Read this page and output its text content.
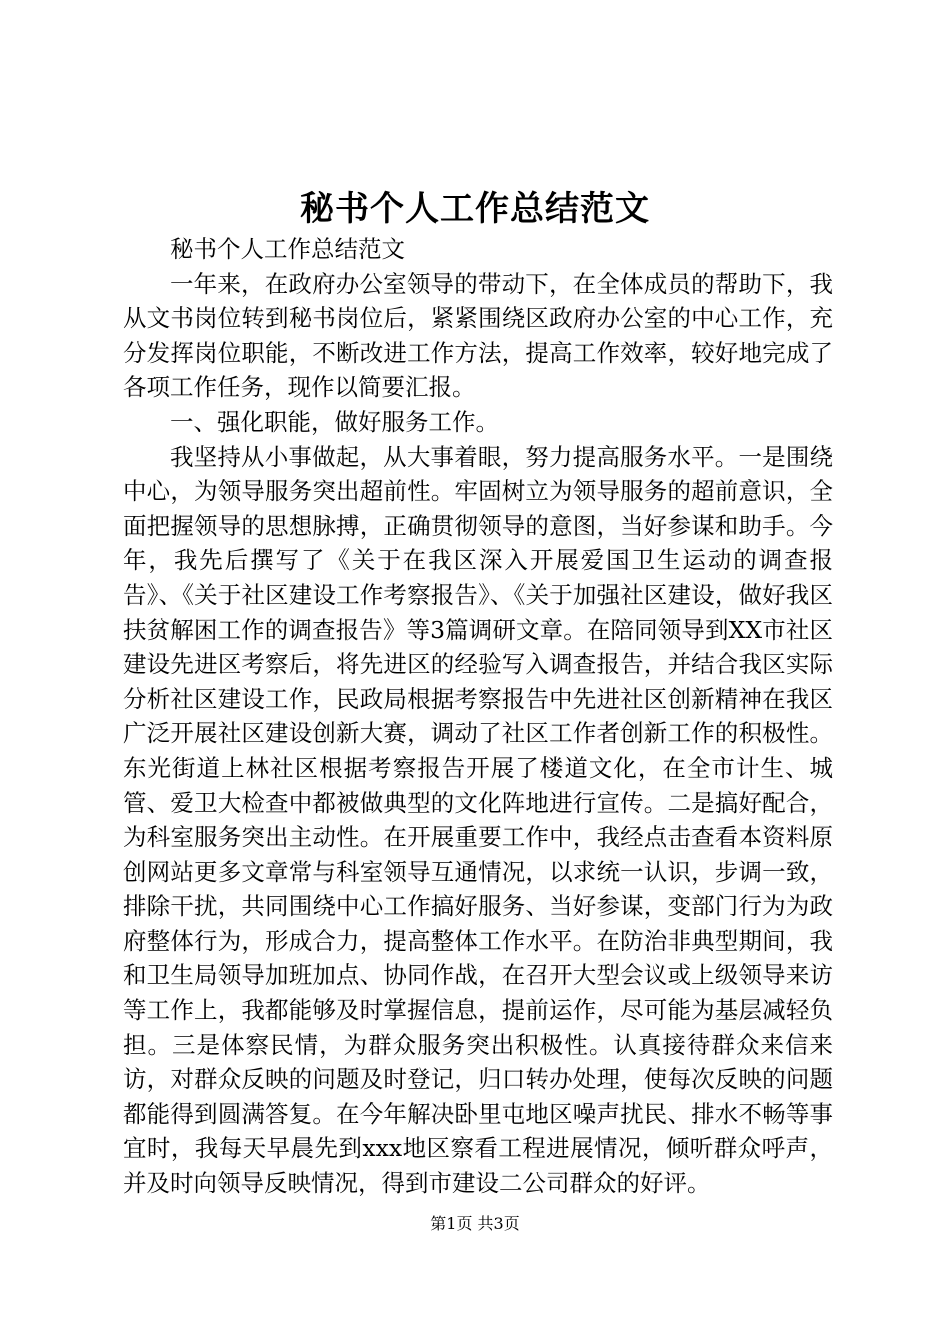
秘书个人工作总结范文

秘书个人工作总结范文

一年来，在政府办公室领导的带动下，在全体成员的帮助下，我从文书岗位转到秘书岗位后，紧紧围绕区政府办公室的中心工作，充分发挥岗位职能，不断改进工作方法，提高工作效率，较好地完成了各项工作任务，现作以简要汇报。

一、强化职能，做好服务工作。

我坚持从小事做起，从大事着眼，努力提高服务水平。一是围绕中心，为领导服务突出超前性。牢固树立为领导服务的超前意识，全面把握领导的思想脉搏，正确贯彻领导的意图，当好参谋和助手。今年，我先后撰写了《关于在我区深入开展爱国卫生运动的调查报告》、《关于社区建设工作考察报告》、《关于加强社区建设，做好我区扶贫解困工作的调查报告》等3篇调研文章。在陪同领导到XX市社区建设先进区考察后，将先进区的经验写入调查报告，并结合我区实际分析社区建设工作，民政局根据考察报告中先进社区创新精神在我区广泛开展社区建设创新大赛，调动了社区工作者创新工作的积极性。东光街道上林社区根据考察报告开展了楼道文化，在全市计生、城管、爱卫大检查中都被做典型的文化阵地进行宣传。二是搞好配合，为科室服务突出主动性。在开展重要工作中，我经点击查看本资料原创网站更多文章常与科室领导互通情况，以求统一认识，步调一致，排除干扰，共同围绕中心工作搞好服务、当好参谋，变部门行为为政府整体行为，形成合力，提高整体工作水平。在防治非典型期间，我和卫生局领导加班加点、协同作战，在召开大型会议或上级领导来访等工作上，我都能够及时掌握信息，提前运作，尽可能为基层减轻负担。三是体察民情，为群众服务突出积极性。认真接待群众来信来访，对群众反映的问题及时登记，归口转办处理，使每次反映的问题都能得到圆满答复。在今年解决卧里屯地区噪声扰民、排水不畅等事宜时，我每天早晨先到xxx地区察看工程进展情况，倾听群众呼声，并及时向领导反映情况，得到市建设二公司群众的好评。

第1页 共3页
